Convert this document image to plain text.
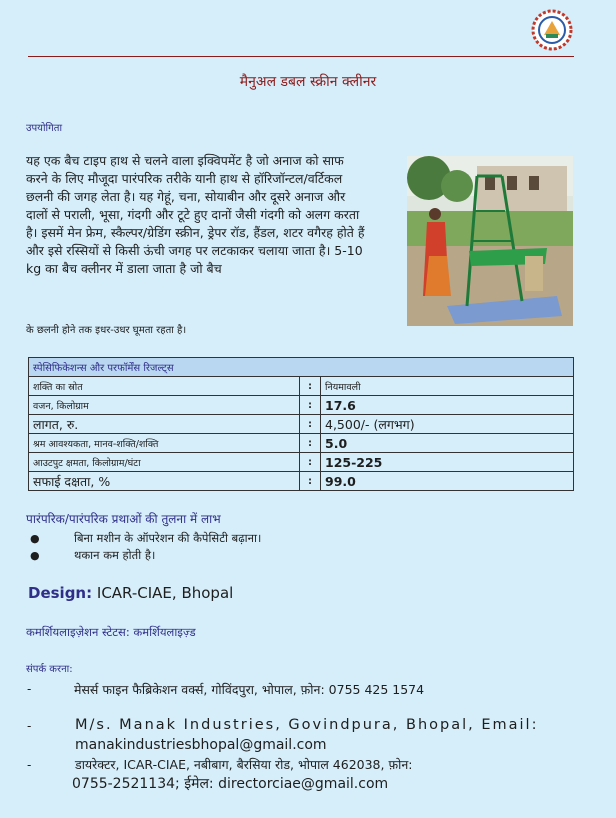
मैनुअल डबल स्क्रीन क्लीनर
उपयोगिता
यह एक बैच टाइप हाथ से चलने वाला इक्विपमेंट है जो अनाज को साफ करने के लिए मौजूदा पारंपरिक तरीके यानी हाथ से हॉरिजॉन्टल/वर्टिकल छलनी की जगह लेता है। यह गेहूं, चना, सोयाबीन और दूसरे अनाज और दालों से पराली, भूसा, गंदगी और टूटे हुए दानों जैसी गंदगी को अलग करता है। इसमें मेन फ्रेम, स्कैल्पर/ग्रेडिंग स्क्रीन, ड्रेपर रॉड, हैंडल, शटर वगैरह होते हैं और इसे रस्सियों से किसी ऊंची जगह पर लटकाकर चलाया जाता है। 5-10 kg का बैच क्लीनर में डाला जाता है जो बैच
के छलनी होने तक इधर-उधर घूमता रहता है।
स्पेसिफिकेशन्स और परफॉर्मेंस रिजल्ट्स		
शक्ति का स्रोत	:	नियमावली
वजन, किलोग्राम	:	17.6
लागत, रु.	:	4,500/- (लगभग)
श्रम आवश्यकता, मानव-शक्ति/शक्ति	:	5.0
आउटपुट क्षमता, किलोग्राम/घंटा	:	125-225
सफाई दक्षता, %	:	99.0
पारंपरिक/पारंपरिक प्रथाओं की तुलना में लाभ
●	बिना मशीन के ऑपरेशन की कैपेसिटी बढ़ाना।
●	थकान कम होती है।
Design: ICAR-CIAE, Bhopal
कमर्शियलाइज़ेशन स्टेटस: कमर्शियलाइज़्ड
संपर्क करना:
-	मेसर्स फाइन फैब्रिकेशन वर्क्स, गोविंदपुरा, भोपाल, फ़ोन: 0755 425 1574
-	M/s. Manak Industries, Govindpura, Bhopal, Email:
manakindustriesbhopal@gmail.com
-	डायरेक्टर, ICAR-CIAE, नबीबाग, बैरसिया रोड, भोपाल 462038, फ़ोन:
0755-2521134; ईमेल: directorciae@gmail.com
